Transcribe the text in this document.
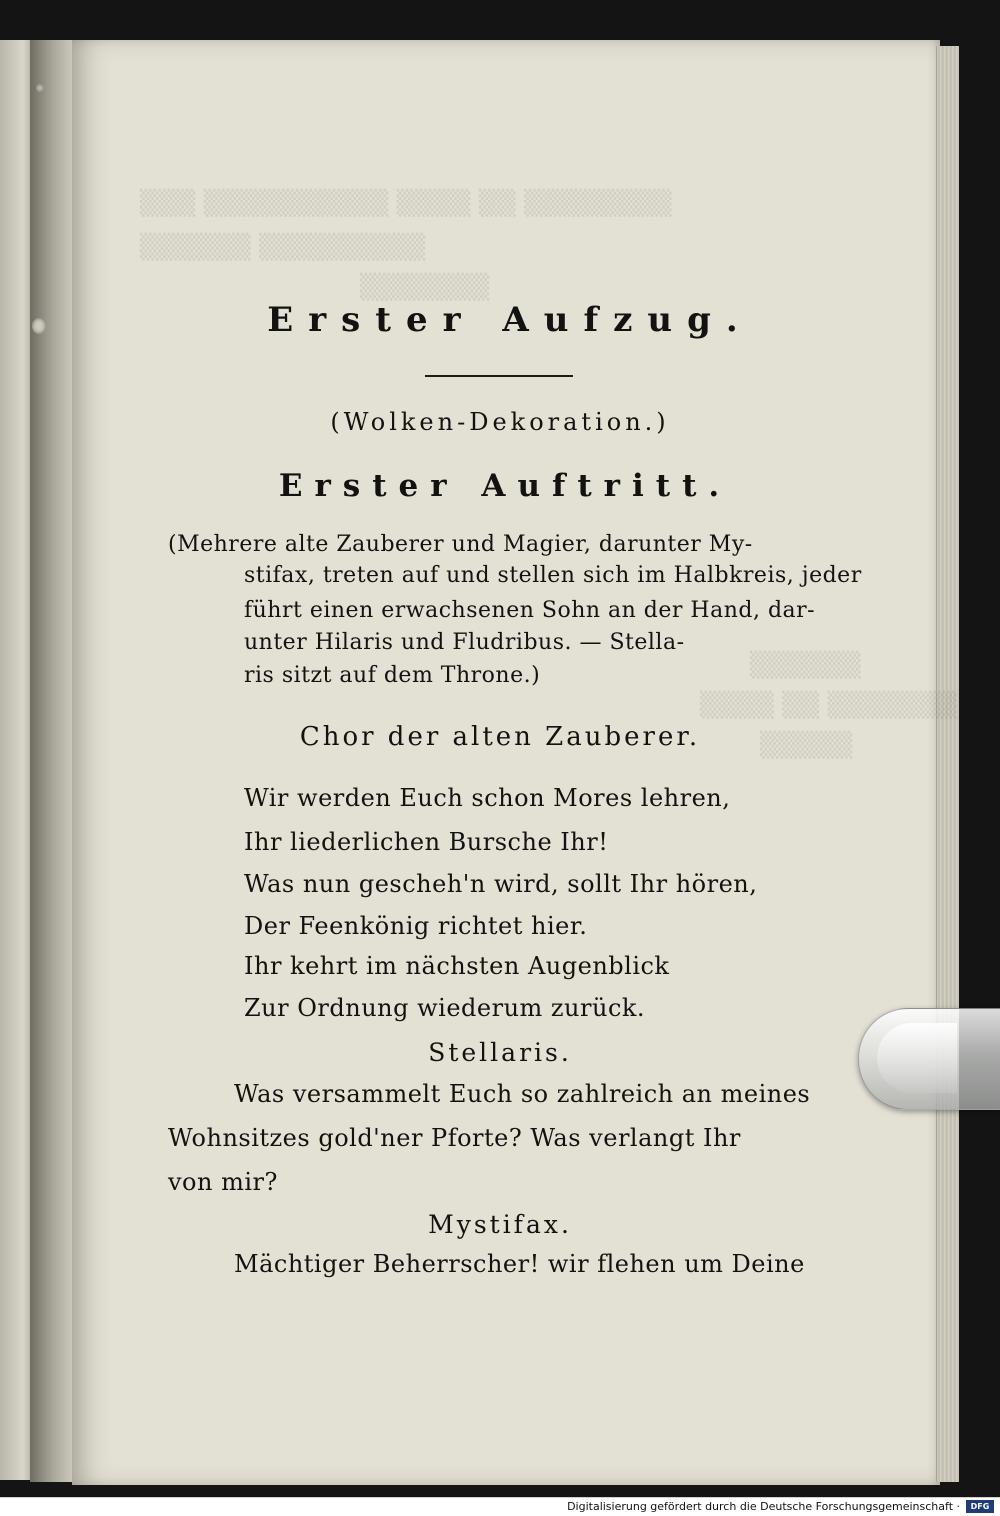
▒▒▒ ▒▒▒▒▒▒▒▒▒▒ ▒▒▒▒ ▒▒ ▒▒▒▒▒▒▒▒
▒▒▒▒▒▒ ▒▒▒▒▒▒▒▒▒
▒▒▒▒▒▒▒
▒▒▒▒▒▒
▒▒▒▒ ▒▒ ▒▒▒▒▒▒▒
▒▒▒▒▒
Erster Aufzug.
(Wolken-Dekoration.)
Erster Auftritt.
(Mehrere alte Zauberer und Magier, darunter My-
stifax, treten auf und stellen sich im Halbkreis, jeder
führt einen erwachsenen Sohn an der Hand, dar-
unter Hilaris und Fludribus. — Stella-
ris sitzt auf dem Throne.)
Chor der alten Zauberer.
Wir werden Euch schon Mores lehren,
Ihr liederlichen Bursche Ihr!
Was nun gescheh'n wird, sollt Ihr hören,
Der Feenkönig richtet hier.
Ihr kehrt im nächsten Augenblick
Zur Ordnung wiederum zurück.
Stellaris.
Was versammelt Euch so zahlreich an meines
Wohnsitzes gold'ner Pforte? Was verlangt Ihr
von mir?
Mystifax.
Mächtiger Beherrscher! wir flehen um Deine
Digitalisierung gefördert durch die Deutsche Forschungsgemeinschaft ·	DFG
